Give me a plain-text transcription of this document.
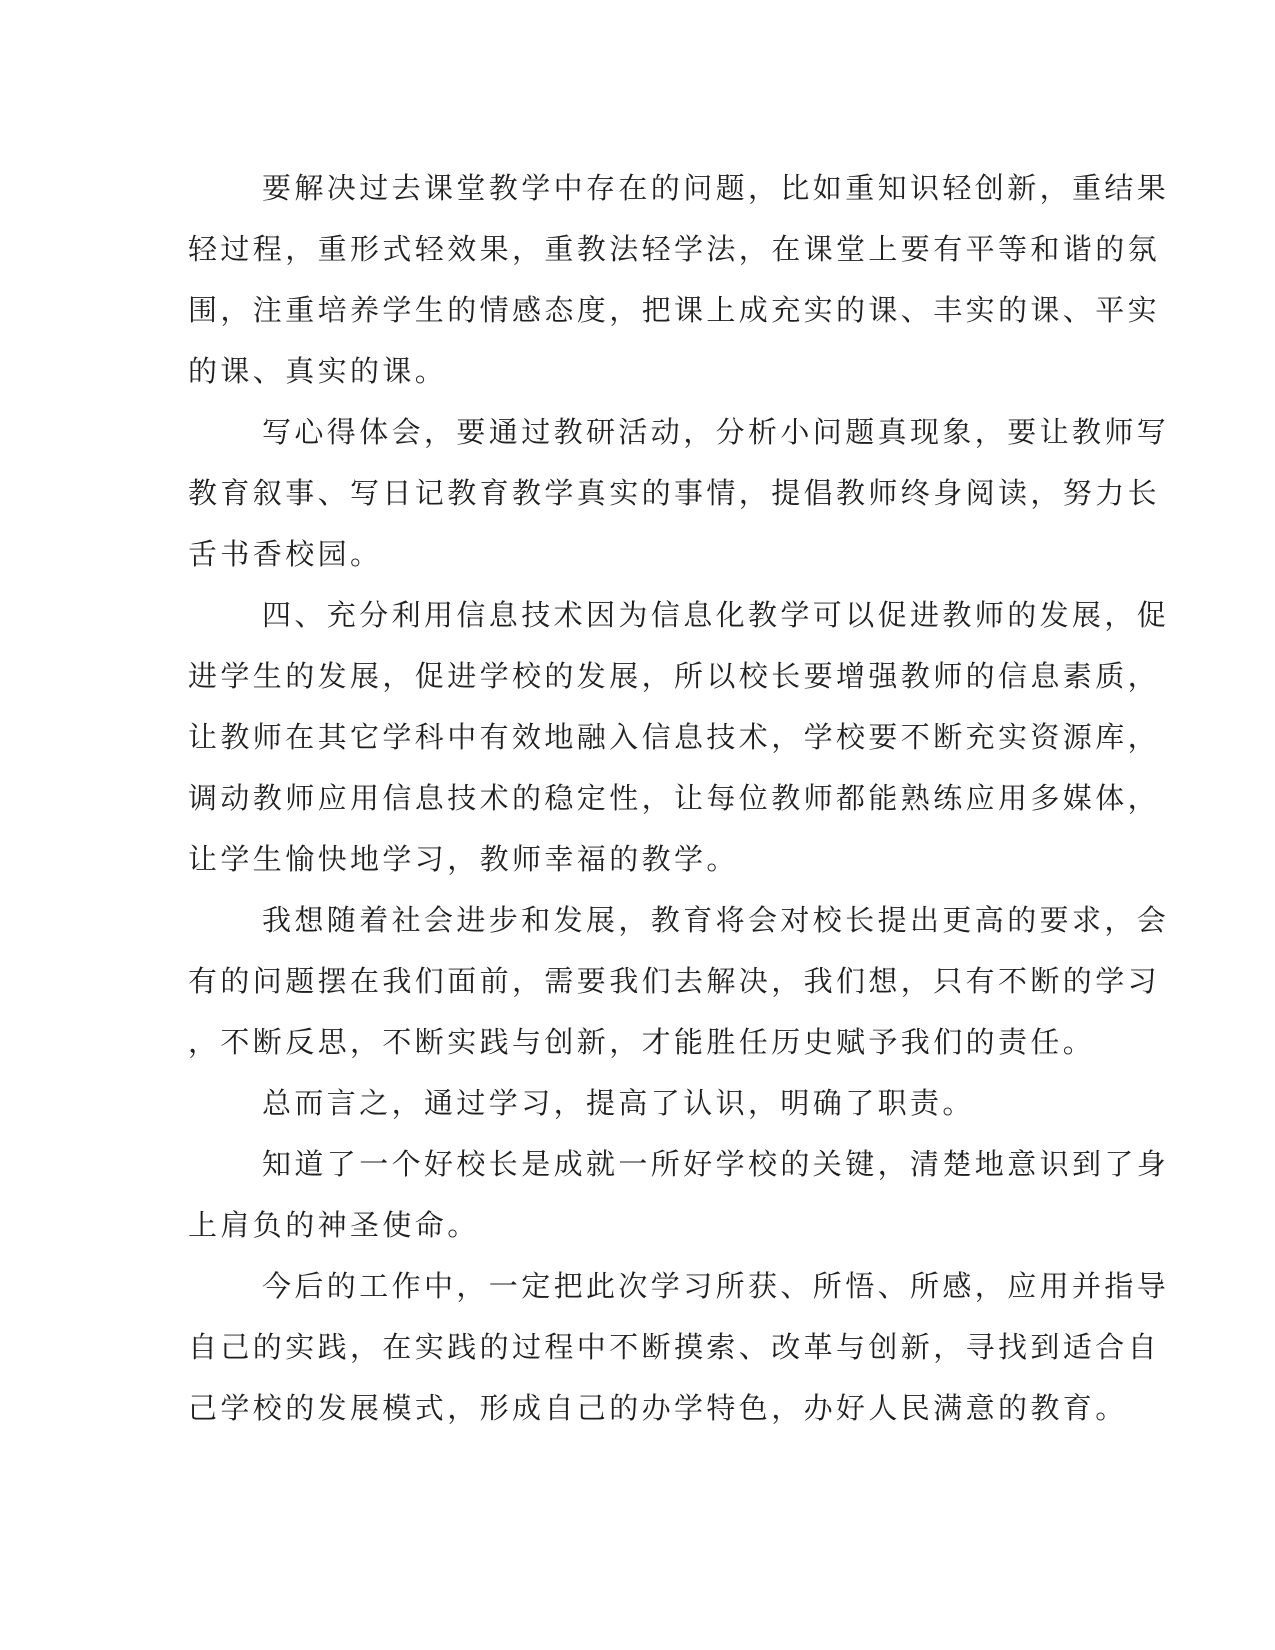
要解决过去课堂教学中存在的问题，比如重知识轻创新，重结果
轻过程，重形式轻效果，重教法轻学法，在课堂上要有平等和谐的氛
围，注重培养学生的情感态度，把课上成充实的课、丰实的课、平实
的课、真实的课。

写心得体会，要通过教研活动，分析小问题真现象，要让教师写
教育叙事、写日记教育教学真实的事情，提倡教师终身阅读，努力长
舌书香校园。

四、充分利用信息技术因为信息化教学可以促进教师的发展，促
进学生的发展，促进学校的发展，所以校长要增强教师的信息素质，
让教师在其它学科中有效地融入信息技术，学校要不断充实资源库，
调动教师应用信息技术的稳定性，让每位教师都能熟练应用多媒体，
让学生愉快地学习，教师幸福的教学。

我想随着社会进步和发展，教育将会对校长提出更高的要求，会
有的问题摆在我们面前，需要我们去解决，我们想，只有不断的学习
，不断反思，不断实践与创新，才能胜任历史赋予我们的责任。

总而言之，通过学习，提高了认识，明确了职责。

知道了一个好校长是成就一所好学校的关键，清楚地意识到了身
上肩负的神圣使命。

今后的工作中，一定把此次学习所获、所悟、所感，应用并指导
自己的实践，在实践的过程中不断摸索、改革与创新，寻找到适合自
己学校的发展模式，形成自己的办学特色，办好人民满意的教育。
